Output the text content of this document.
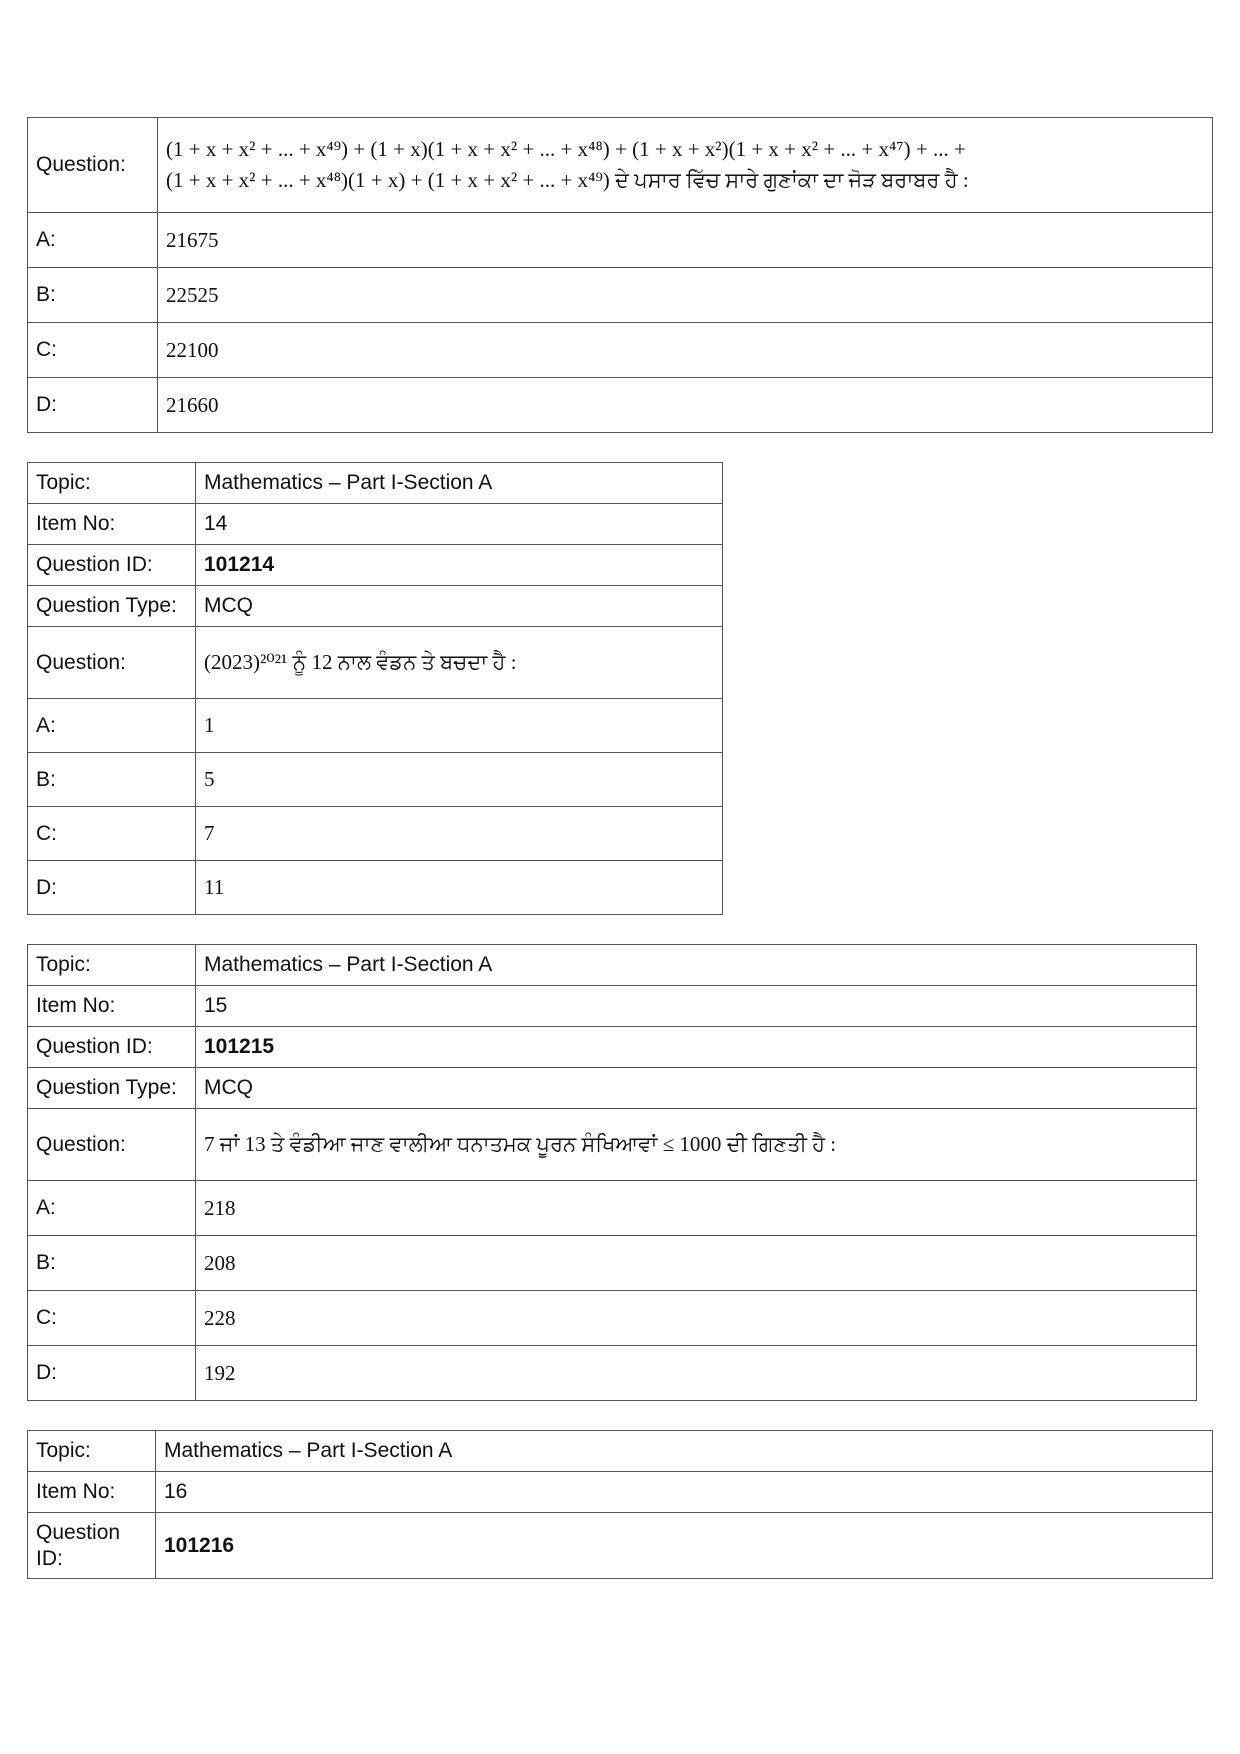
Question:	(1 + x + x² + ... + x⁴⁹) + (1 + x)(1 + x + x² + ... + x⁴⁸) + (1 + x + x²)(1 + x + x² + ... + x⁴⁷) + ... +
(1 + x + x² + ... + x⁴⁸)(1 + x) + (1 + x + x² + ... + x⁴⁹) ਦੇ ਪਸਾਰ ਵਿੱਚ ਸਾਰੇ ਗੁਣਾਂਕਾ ਦਾ ਜੋੜ ਬਰਾਬਰ ਹੈ :

A:	21675
B:	22525
C:	22100
D:	21660
Topic:	Mathematics – Part I-Section A
Item No:	14
Question ID:	101214
Question Type:	MCQ
Question:	(2023)²⁰²¹ ਨੂੰ 12 ਨਾਲ ਵੰਡਨ ਤੇ ਬਚਦਾ ਹੈ :
A:	1
B:	5
C:	7
D:	11
Topic:	Mathematics – Part I-Section A
Item No:	15
Question ID:	101215
Question Type:	MCQ
Question:	7 ਜਾਂ 13 ਤੇ ਵੰਡੀਆ ਜਾਣ ਵਾਲੀਆ ਧਨਾਤਮਕ ਪੂਰਨ ਸੰਖਿਆਵਾਂ ≤ 1000 ਦੀ ਗਿਣਤੀ ਹੈ :
A:	218
B:	208
C:	228
D:	192
Topic:	Mathematics – Part I-Section A
Item No:	16
Question ID:	101216
